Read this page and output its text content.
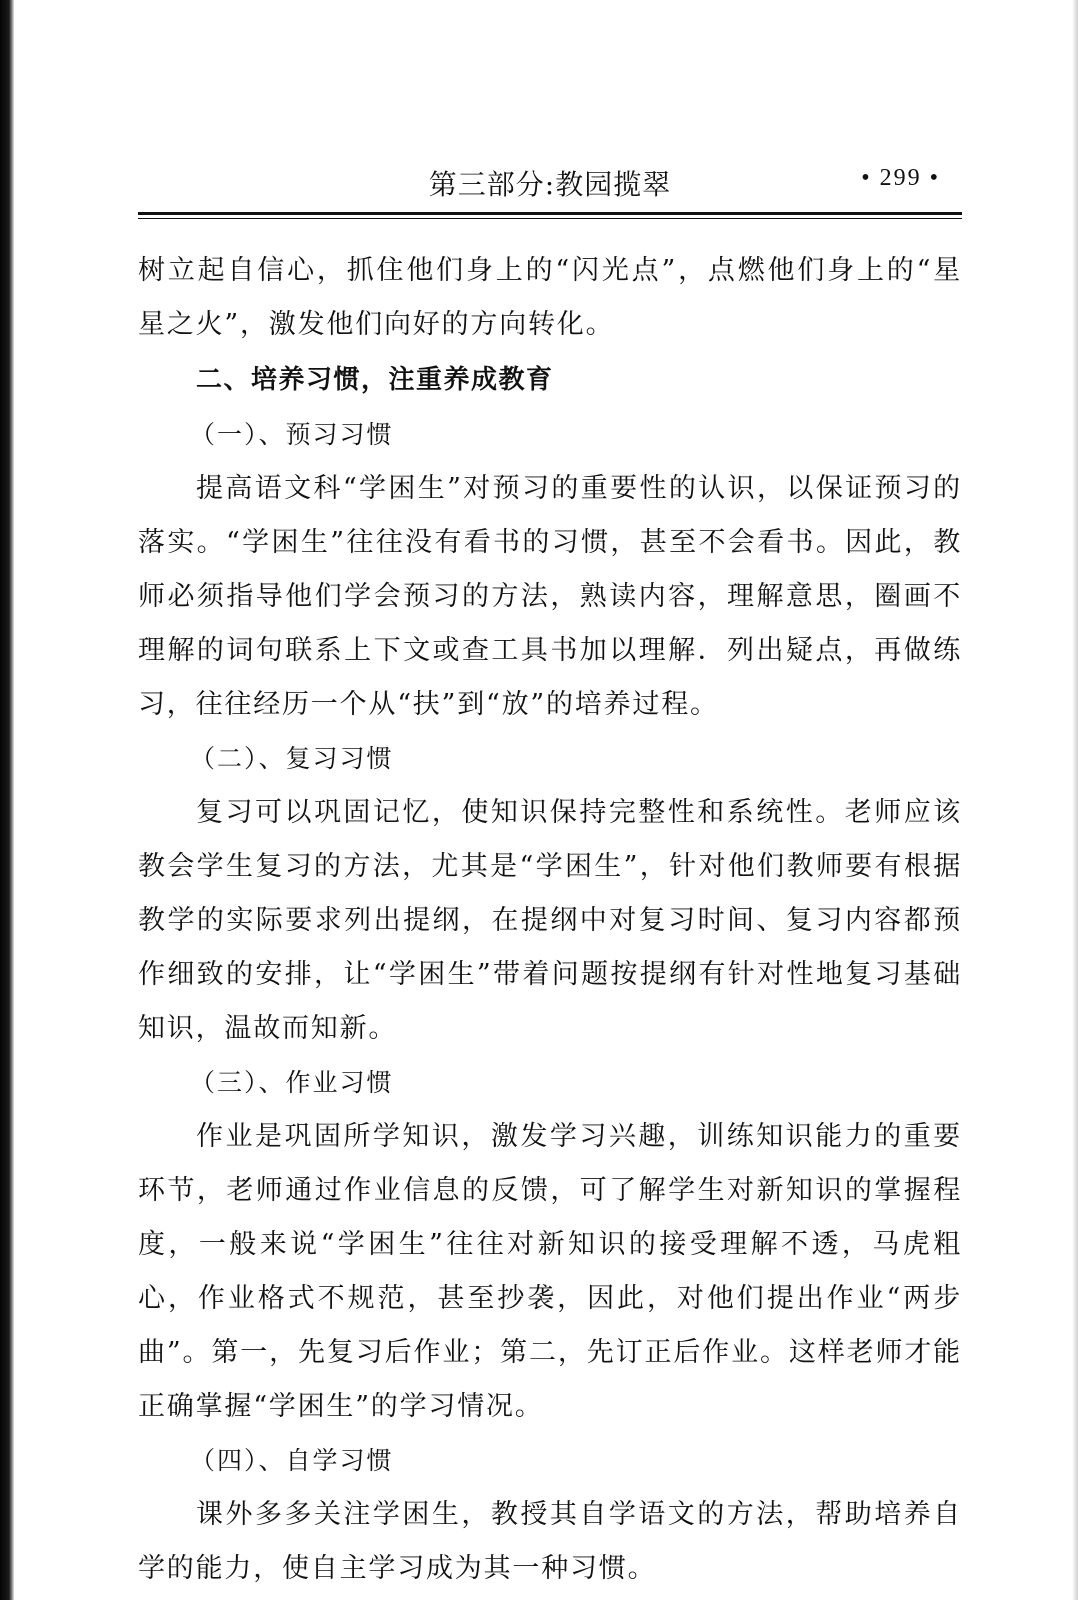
第三部分:教园揽翠	• 299 •

树立起自信心，抓住他们身上的“闪光点”，点燃他们身上的“星星之火”，激发他们向好的方向转化。

二、培养习惯，注重养成教育

（一）、预习习惯

提高语文科“学困生”对预习的重要性的认识，以保证预习的落实。“学困生”往往没有看书的习惯，甚至不会看书。因此，教师必须指导他们学会预习的方法，熟读内容，理解意思，圈画不理解的词句联系上下文或查工具书加以理解．列出疑点，再做练习，往往经历一个从“扶”到“放”的培养过程。

（二）、复习习惯

复习可以巩固记忆，使知识保持完整性和系统性。老师应该教会学生复习的方法，尤其是“学困生”，针对他们教师要有根据教学的实际要求列出提纲，在提纲中对复习时间、复习内容都预作细致的安排，让“学困生”带着问题按提纲有针对性地复习基础知识，温故而知新。

（三）、作业习惯

作业是巩固所学知识，激发学习兴趣，训练知识能力的重要环节，老师通过作业信息的反馈，可了解学生对新知识的掌握程度，一般来说“学困生”往往对新知识的接受理解不透，马虎粗心，作业格式不规范，甚至抄袭，因此，对他们提出作业“两步曲”。第一，先复习后作业；第二，先订正后作业。这样老师才能正确掌握“学困生”的学习情况。

（四）、自学习惯

课外多多关注学困生，教授其自学语文的方法，帮助培养自学的能力，使自主学习成为其一种习惯。
